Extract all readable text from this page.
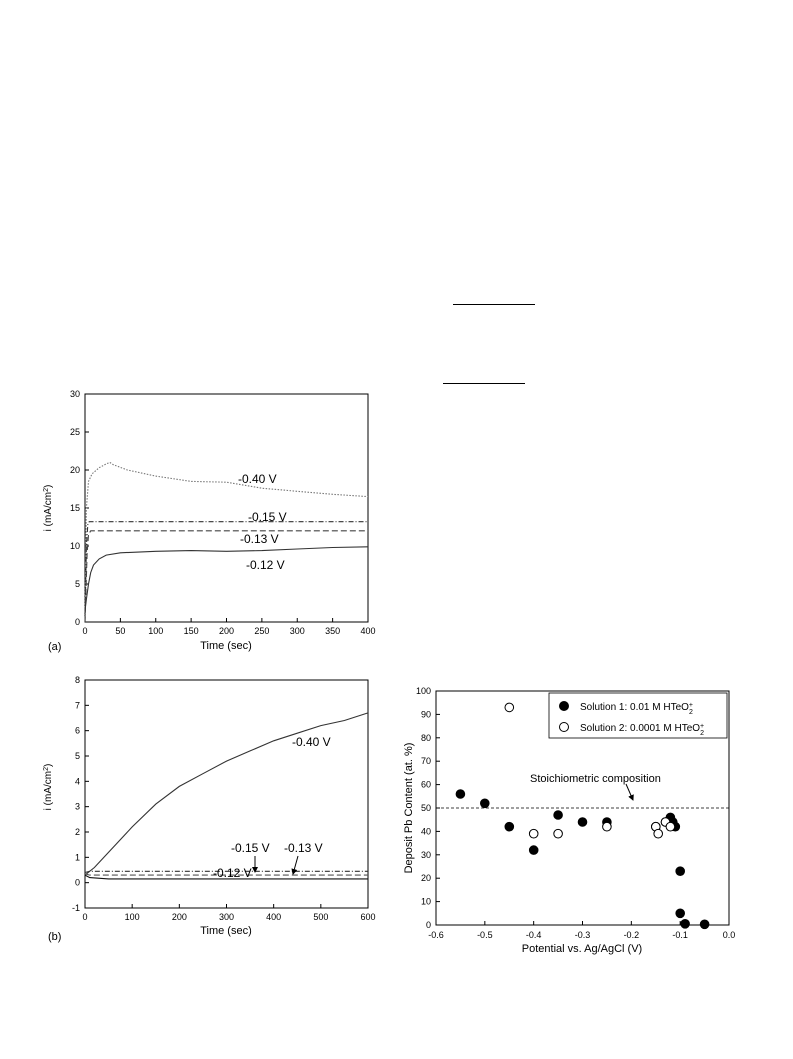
0	50	100 150 200 250 300 350 400
0
5
10
15
20
25
30
Time (sec)
i $(mA/cm^2)$
(a)
-0.40 V
-0.15 V
-0.13 V
-0.12 V
0	100	200	300	400	500	600
-1
0
1
2
3
4
5
6
7
8
Time (sec)
i $(mA/cm^2)$
(b)
-0.40 V
-0.15 V -0.13 V
-0.12 V
-0.6	-0.5	-0.4	-0.3	-0.2	-0.1	0.0
0
10
20
30
40
50
60
70
80
90
100
Potential vs. Ag/AgCl (V)
Deposit Pb Content (at. %)	Stoichiometric composition
Solution 1: 0.01 M HTeO$_2$+
Solution 2: 0.0001 M HTeO$_2$+
